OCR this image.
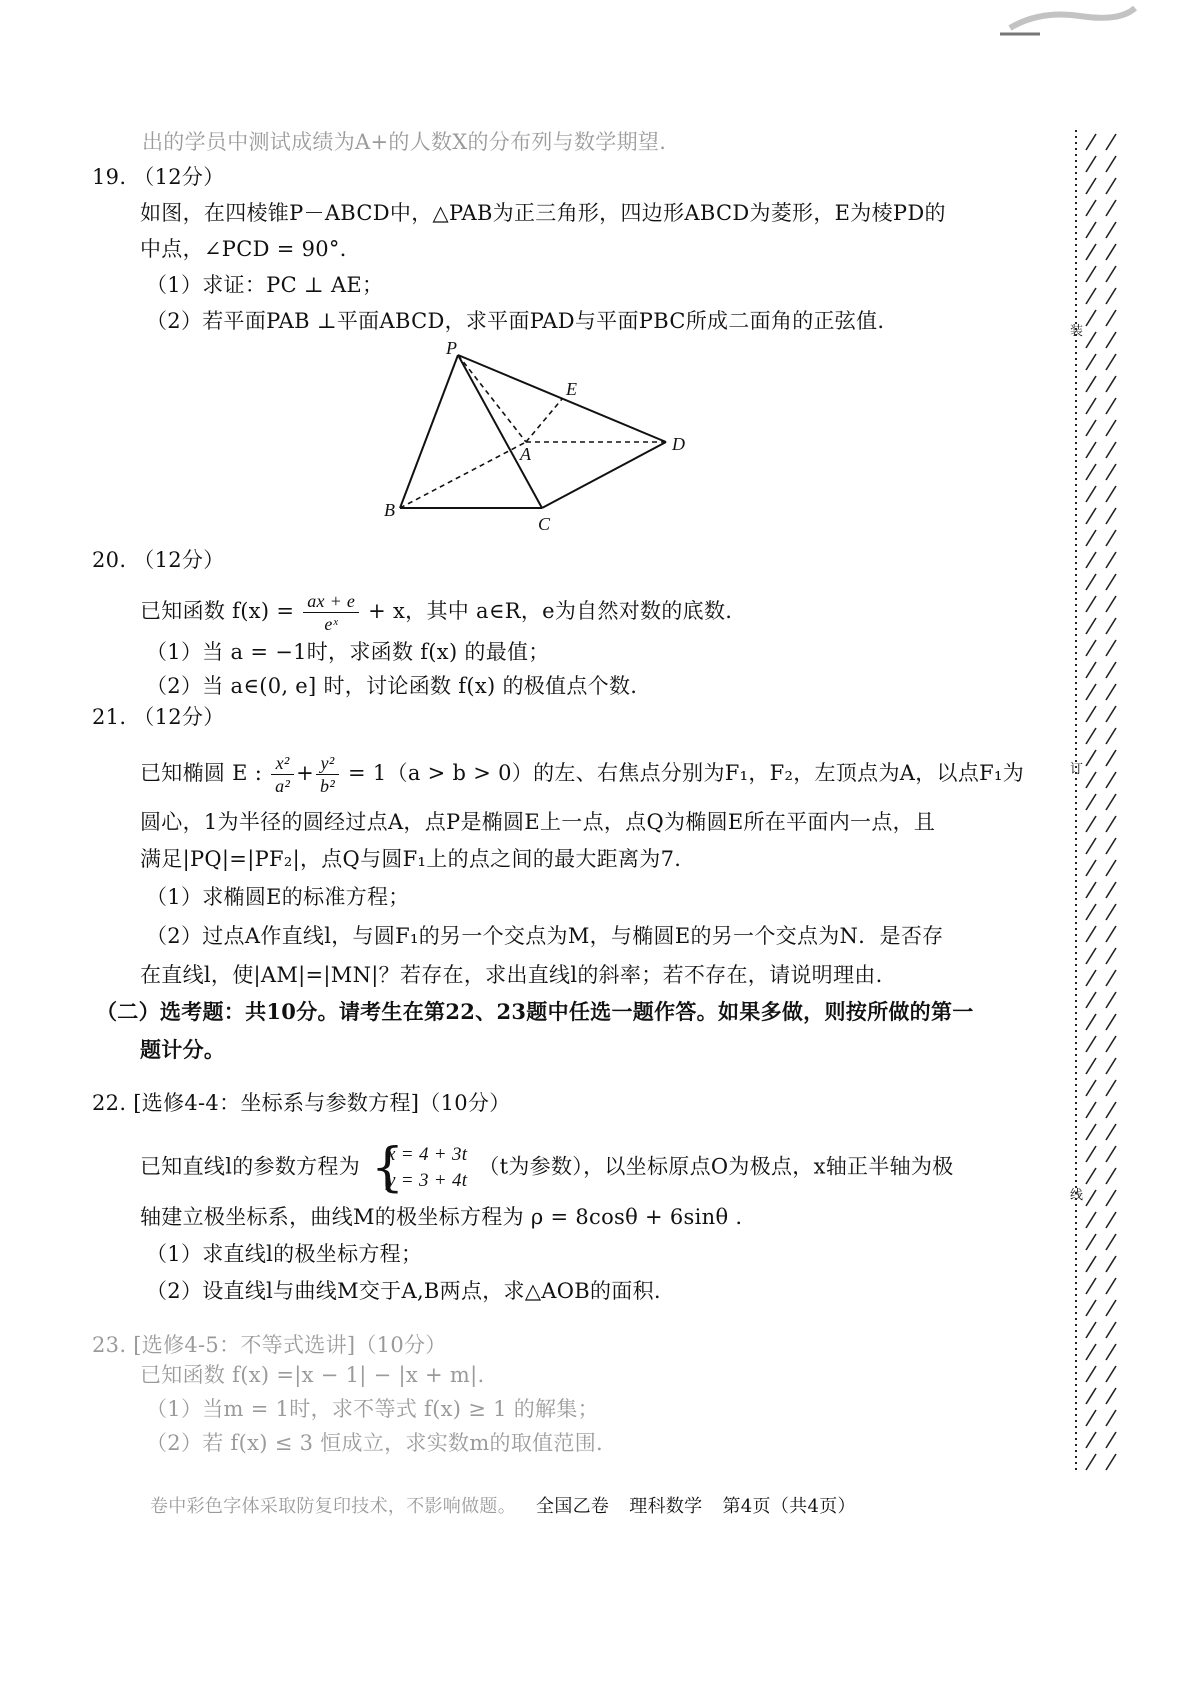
出的学员中测试成绩为A+的人数X的分布列与数学期望.
19. （12分）
如图，在四棱锥P－ABCD中，△PAB为正三角形，四边形ABCD为菱形，E为棱PD的
中点，∠PCD = 90°．
（1）求证：PC ⊥ AE；
（2）若平面PAB ⊥平面ABCD，求平面PAD与平面PBC所成二面角的正弦值.
P
E
A	D
B
C
20. （12分）
已知函数 $f(x) = \frac{ax + e}{\text{eˣ}} + x$，其中 a∈R，e为自然对数的底数.
（1）当 a = −1时，求函数 f(x) 的最值；
（2）当 a∈(0, e] 时，讨论函数 f(x) 的极值点个数.
21. （12分）
已知椭圆 E : $\frac{\text{x²}}{\text{a²}} + \frac{\text{y²}}{\text{b²}} = 1(a > b > 0)$的左、右焦点分别为F₁，F₂，左顶点为A，以点F₁为
圆心，1为半径的圆经过点A，点P是椭圆E上一点，点Q为椭圆E所在平面内一点，且
满足|PQ|=|PF₂|，点Q与圆F₁上的点之间的最大距离为7.
（1）求椭圆E的标准方程；
（2）过点A作直线l，与圆F₁的另一个交点为M，与椭圆E的另一个交点为N．是否存
在直线l，使|AM|=|MN|？若存在，求出直线l的斜率；若不存在，请说明理由.
（二）选考题：共10分。请考生在第22、23题中任选一题作答。如果多做，则按所做的第一
题计分。
22. [选修4-4：坐标系与参数方程]（10分）
已知直线l的参数方程为 {
x = 4 + 3t
y = 3 + 4t
（t为参数），以坐标原点O为极点，x轴正半轴为极
轴建立极坐标系，曲线M的极坐标方程为 ρ = 8cosθ + 6sinθ .
（1）求直线l的极坐标方程；
（2）设直线l与曲线M交于A,B两点，求△AOB的面积.
23. [选修4-5：不等式选讲]（10分）
已知函数 f(x) =|x − 1| − |x + m|.
（1）当m = 1时，求不等式 f(x) ≥ 1 的解集；
（2）若 f(x) ≤ 3 恒成立，求实数m的取值范围.
卷中彩色字体采取防复印技术，不影响做题。 全国乙卷 理科数学 第4页（共4页）
装
订
线
